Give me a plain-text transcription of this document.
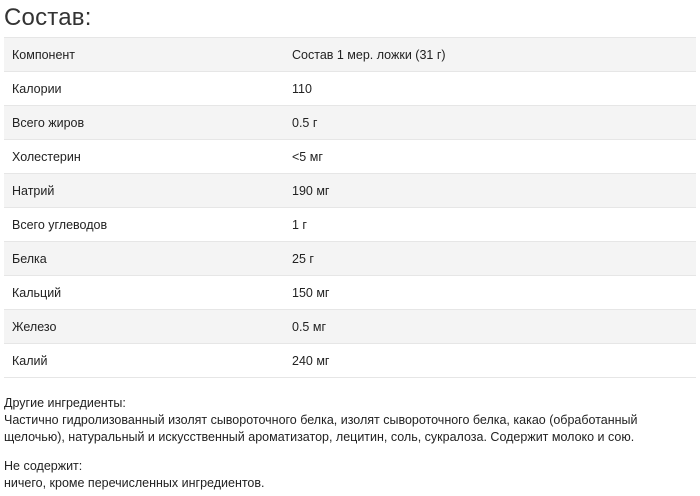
Состав:
Компонент	Состав 1 мер. ложки (31 г)
Калории	110
Всего жиров	0.5 г
Холестерин	<5 мг
Натрий	190 мг
Всего углеводов	1 г
Белка	25 г
Кальций	150 мг
Железо	0.5 мг
Калий	240 мг

Другие ингредиенты:

Частично гидролизованный изолят сывороточного белка, изолят сывороточного белка, какао (обработанный щелочью), натуральный и искусственный ароматизатор, лецитин, соль, сукралоза. Содержит молоко и сою.

Не содержит:

ничего, кроме перечисленных ингредиентов.
